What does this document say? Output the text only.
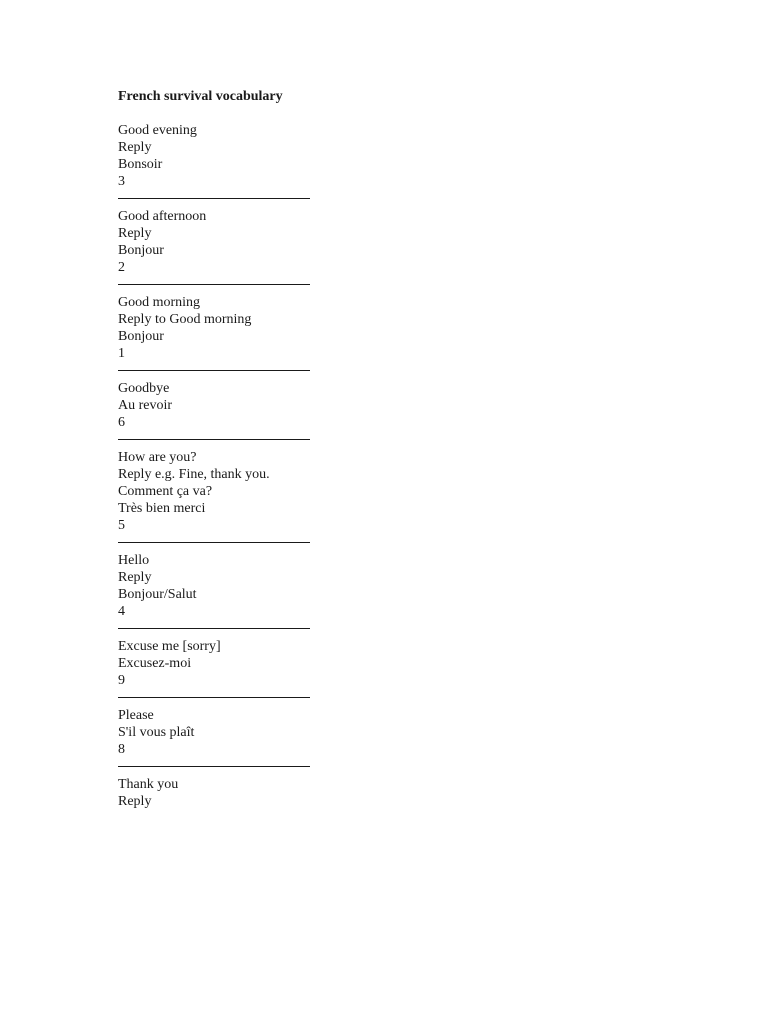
French survival vocabulary
Good evening
Reply
Bonsoir
3
Good afternoon
Reply
Bonjour
2
Good morning
Reply to Good morning
Bonjour
1
Goodbye
Au revoir
6
How are you?
Reply e.g. Fine, thank you.
Comment ça va?
Très bien merci
5
Hello
Reply
Bonjour/Salut
4
Excuse me [sorry]
Excusez-moi
9
Please
S'il vous plaît
8
Thank you
Reply
